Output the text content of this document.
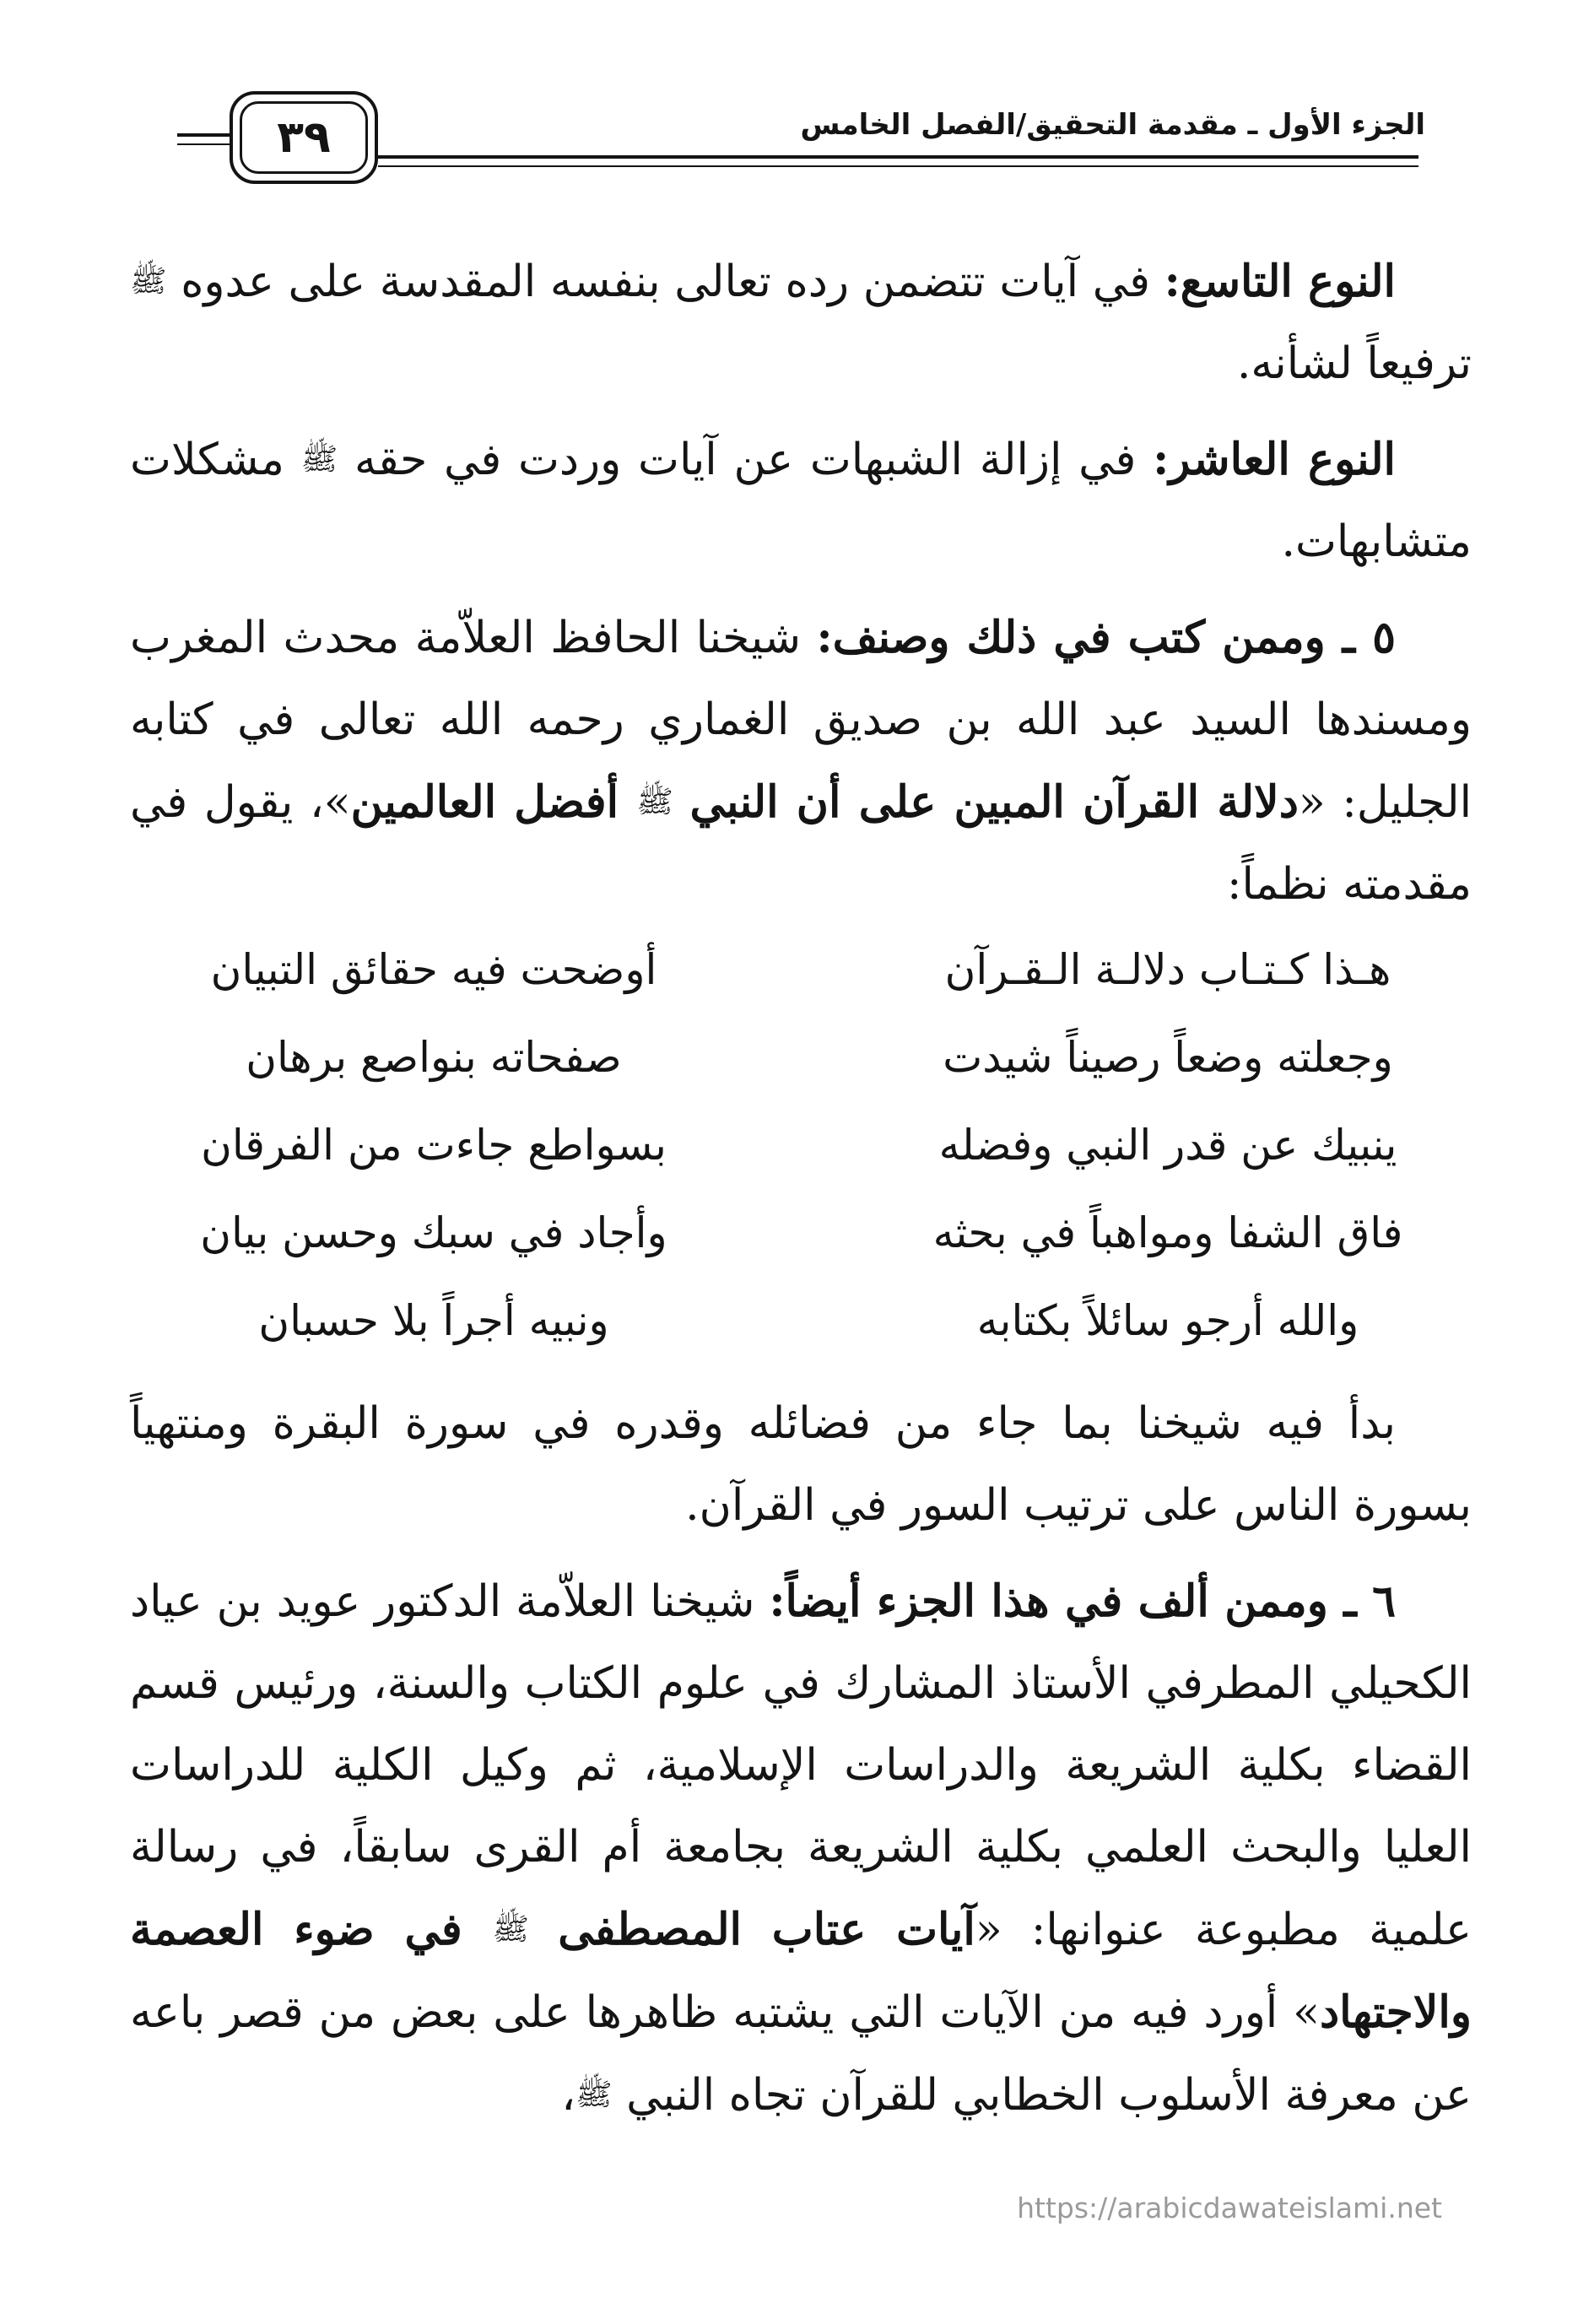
الجزء الأول ـ مقدمة التحقيق/الفصل الخامس
٣٩

النوع التاسع: في آيات تتضمن رده تعالى بنفسه المقدسة على عدوه ﷺ ترفيعاً لشأنه.

النوع العاشر: في إزالة الشبهات عن آيات وردت في حقه ﷺ مشكلات متشابهات.

٥ ـ وممن كتب في ذلك وصنف: شيخنا الحافظ العلاّمة محدث المغرب ومسندها السيد عبد الله بن صديق الغماري رحمه الله تعالى في كتابه الجليل: «دلالة القرآن المبين على أن النبي ﷺ أفضل العالمين»، يقول في مقدمته نظماً:

هـذا كـتـاب دلالـة الـقـرآن
أوضحت فيه حقائق التبيان
وجعلته وضعاً رصيناً شيدت
صفحاته بنواصع برهان
ينبيك عن قدر النبي وفضله
بسواطع جاءت من الفرقان
فاق الشفا ومواهباً في بحثه
وأجاد في سبك وحسن بيان
والله أرجو سائلاً بكتابه
ونبيه أجراً بلا حسبان

بدأ فيه شيخنا بما جاء من فضائله وقدره في سورة البقرة ومنتهياً بسورة الناس على ترتيب السور في القرآن.

٦ ـ وممن ألف في هذا الجزء أيضاً: شيخنا العلاّمة الدكتور عويد بن عياد الكحيلي المطرفي الأستاذ المشارك في علوم الكتاب والسنة، ورئيس قسم القضاء بكلية الشريعة والدراسات الإسلامية، ثم وكيل الكلية للدراسات العليا والبحث العلمي بكلية الشريعة بجامعة أم القرى سابقاً، في رسالة علمية مطبوعة عنوانها: «آيات عتاب المصطفى ﷺ في ضوء العصمة والاجتهاد» أورد فيه من الآيات التي يشتبه ظاهرها على بعض من قصر باعه عن معرفة الأسلوب الخطابي للقرآن تجاه النبي ﷺ،

https://arabicdawateislami.net
